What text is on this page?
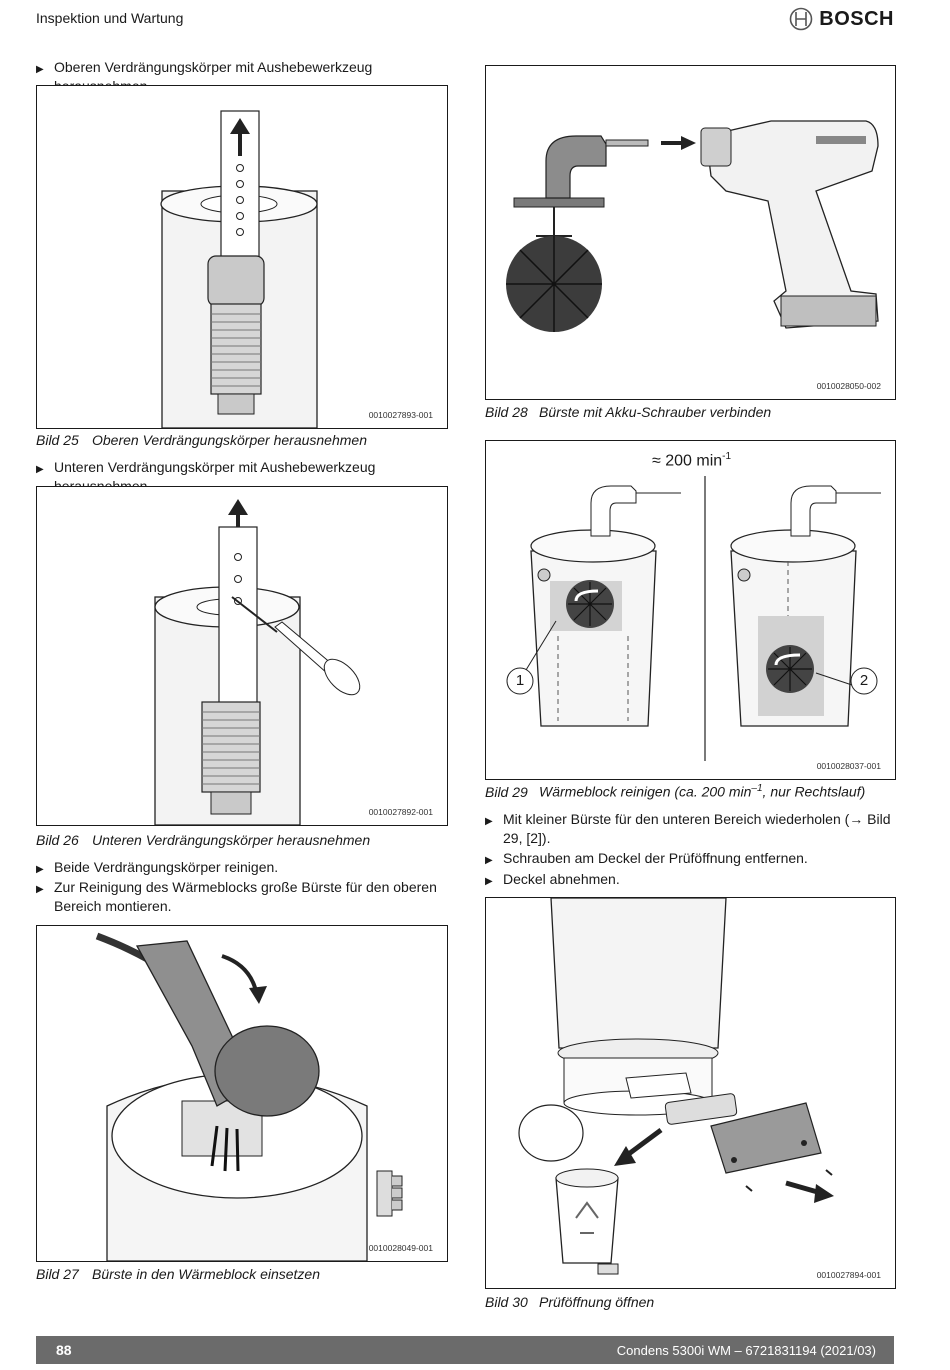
Inspektion und Wartung	BOSCH
▶ Oberen Verdrängungskörper mit Aushebewerkzeug
0010027893-001
Bild 25 Oberen Verdrängungskörper herausnehmen
▶ Unteren Verdrängungskörper mit Aushebewerkzeug
0010027892-001
Bild 26 Unteren Verdrängungskörper herausnehmen
▶ Beide Verdrängungskörper reinigen.
▶ Zur Reinigung des Wärmeblocks große Bürste für den oberen Bereich montieren.
0010028049-001
Bild 27 Bürste in den Wärmeblock einsetzen
0010028050-002
Bild 28 Bürste mit Akku-Schrauber verbinden
≈ 200 $\min^{-1}$
1	2
0010028037-001
Bild 29 Wärmeblock reinigen (ca. 200 $\min^{-1}$, nur Rechtslauf)
▶ Mit kleiner Bürste für den unteren Bereich wiederholen (→ Bild 29, [2]).
▶ Schrauben am Deckel der Prüföffnung entfernen.
▶ Deckel abnehmen.
0010027894-001
Bild 30 Prüföffnung öffnen
88	Condens 5300i WM – 6721831194 (2021/03)
